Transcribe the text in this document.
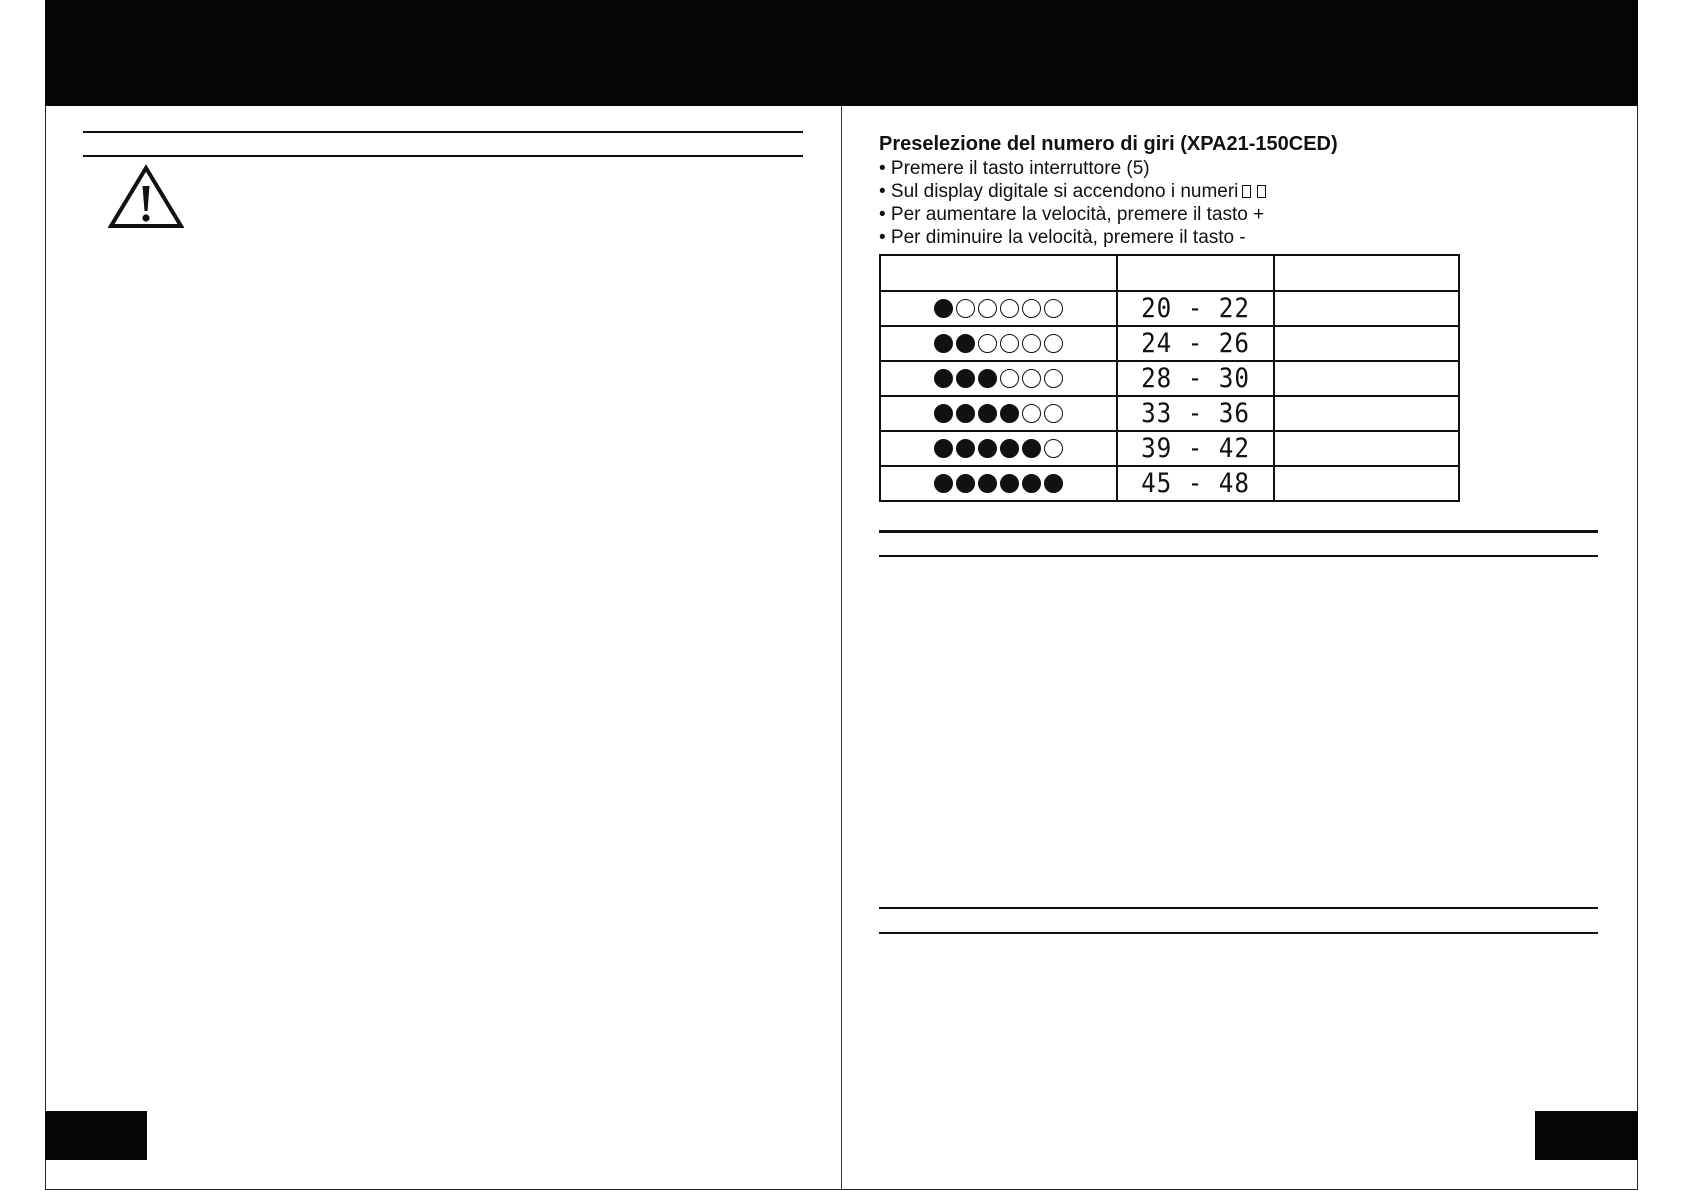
Preselezione del numero di giri (XPA21-150CED)
• Premere il tasto interruttore (5)
• Sul display digitale si accendono i numeri
• Per aumentare la velocità, premere il tasto +
• Per diminuire la velocità, premere il tasto -

	20 - 22	

	24 - 26	

	28 - 30	

	33 - 36	

	39 - 42	

	45 - 48	
